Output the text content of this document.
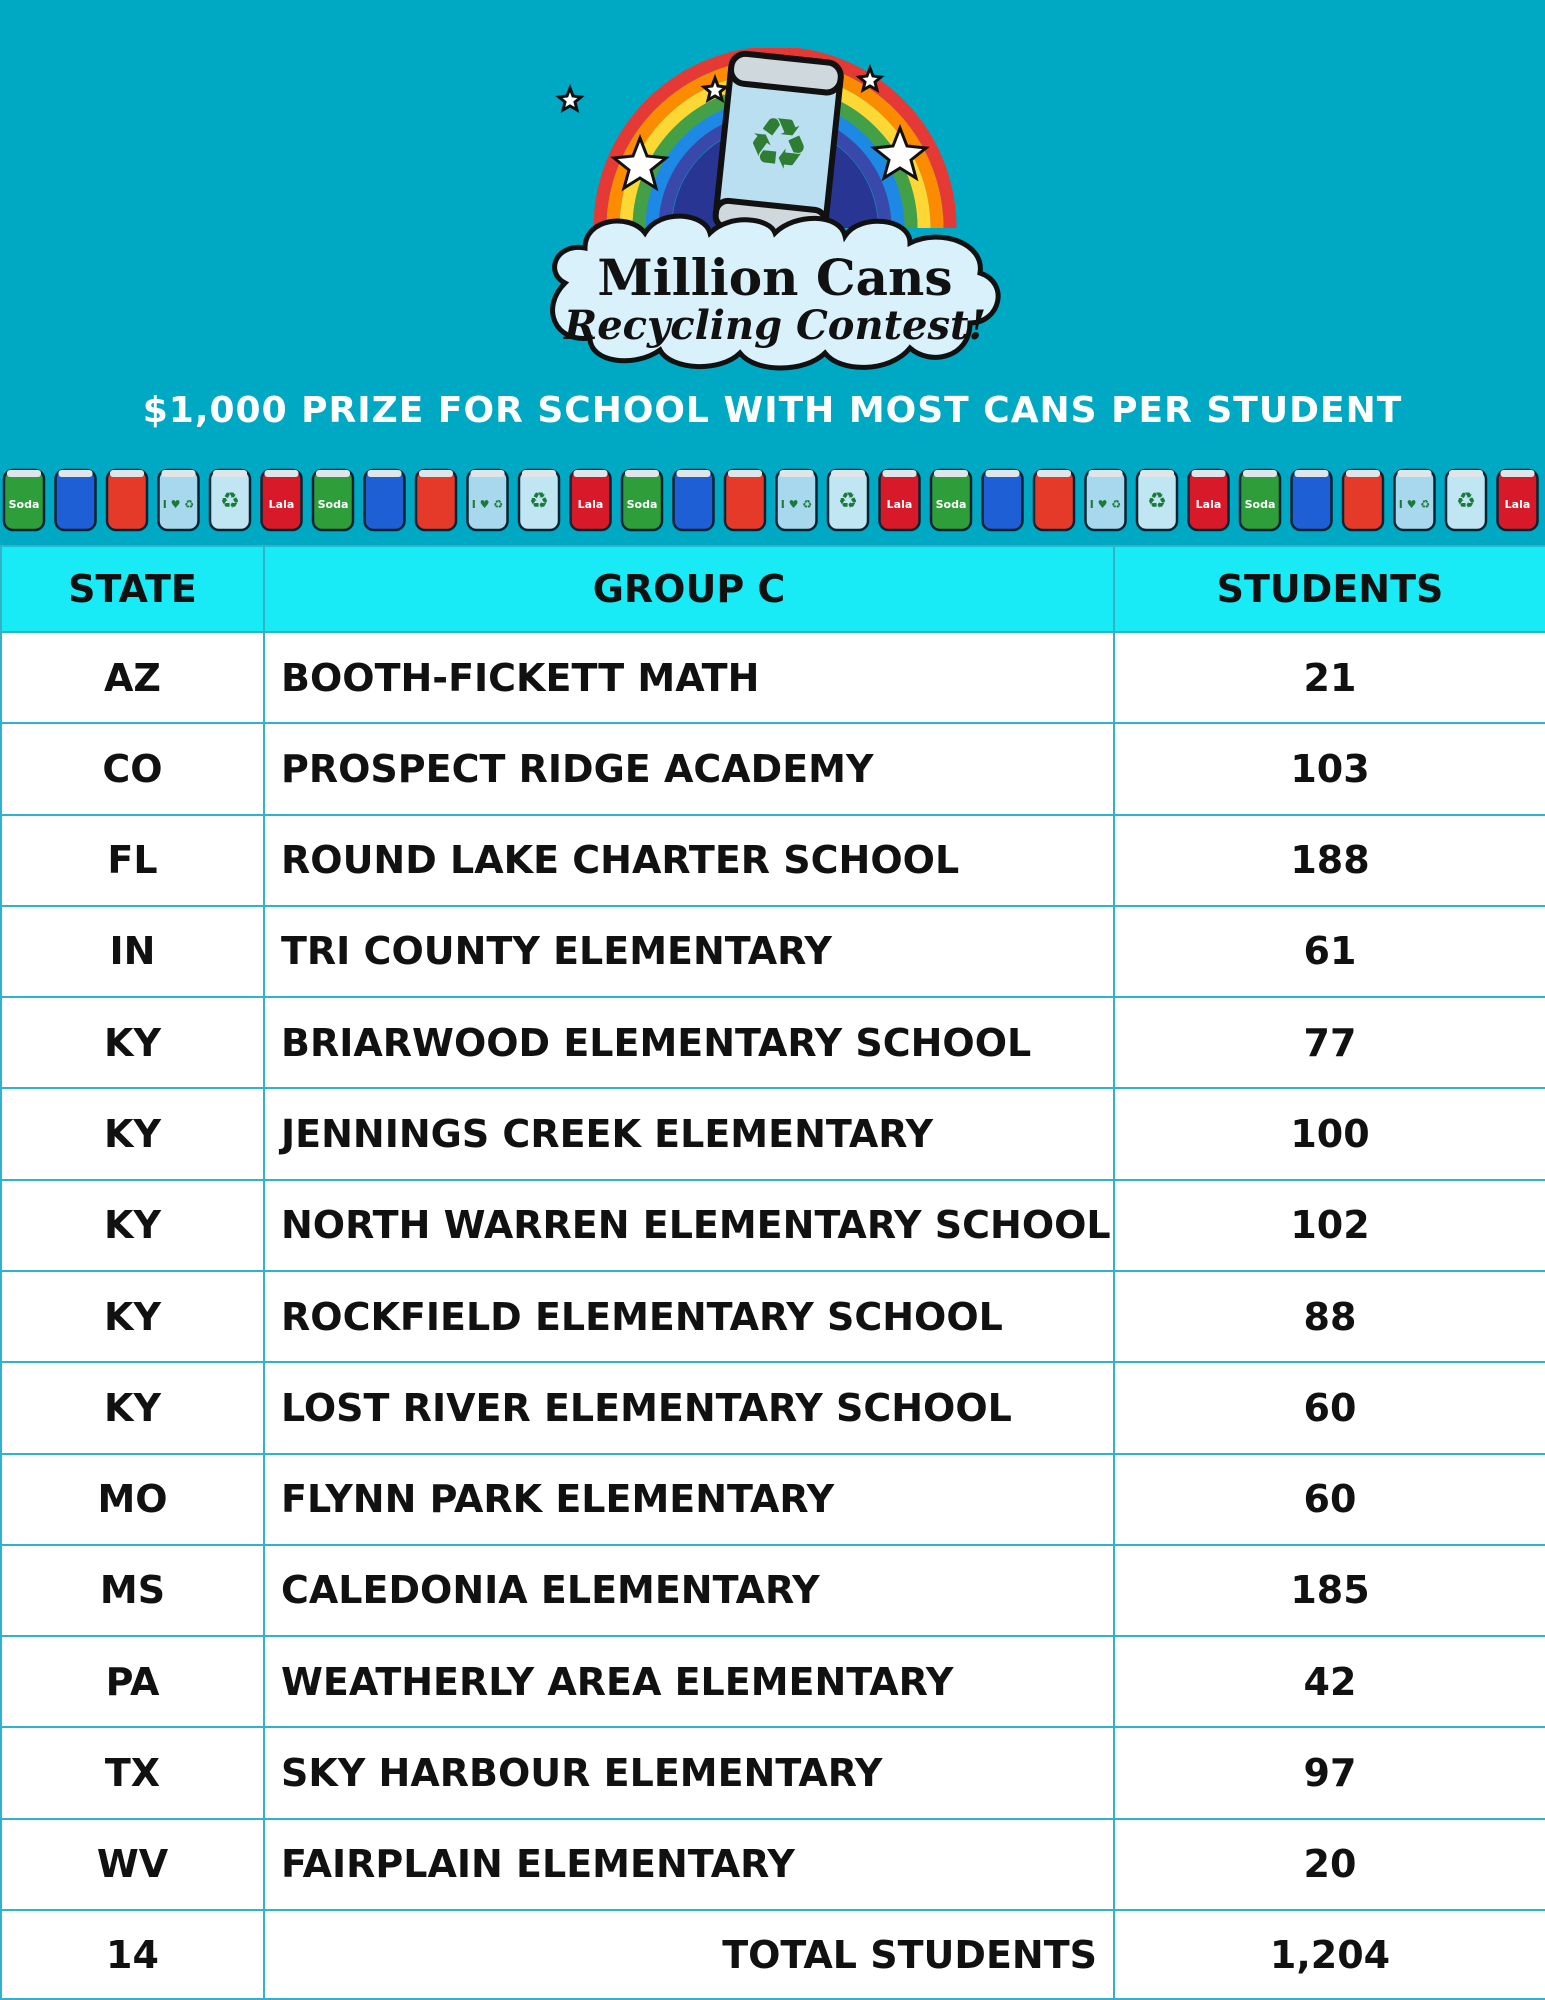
♻
Million Cans
Recycling Contest!
$1,000 PRIZE FOR SCHOOL WITH MOST CANS PER STUDENT
Soda	I ♥ ♻ ♻	Lala Soda	I ♥ ♻ ♻	Lala Soda	I ♥ ♻ ♻	Lala Soda	I ♥ ♻ ♻	Lala Soda	I ♥ ♻ ♻	Lala
STATE	GROUP C	STUDENTS
AZ	BOOTH-FICKETT MATH	21
CO	PROSPECT RIDGE ACADEMY	103
FL	ROUND LAKE CHARTER SCHOOL	188
IN	TRI COUNTY ELEMENTARY	61
KY	BRIARWOOD ELEMENTARY SCHOOL	77
KY	JENNINGS CREEK ELEMENTARY	100
KY	NORTH WARREN ELEMENTARY SCHOOL	102
KY	ROCKFIELD ELEMENTARY SCHOOL	88
KY	LOST RIVER ELEMENTARY SCHOOL	60
MO	FLYNN PARK ELEMENTARY	60
MS	CALEDONIA ELEMENTARY	185
PA	WEATHERLY AREA ELEMENTARY	42
TX	SKY HARBOUR ELEMENTARY	97
WV	FAIRPLAIN ELEMENTARY	20
14	TOTAL STUDENTS	1,204
